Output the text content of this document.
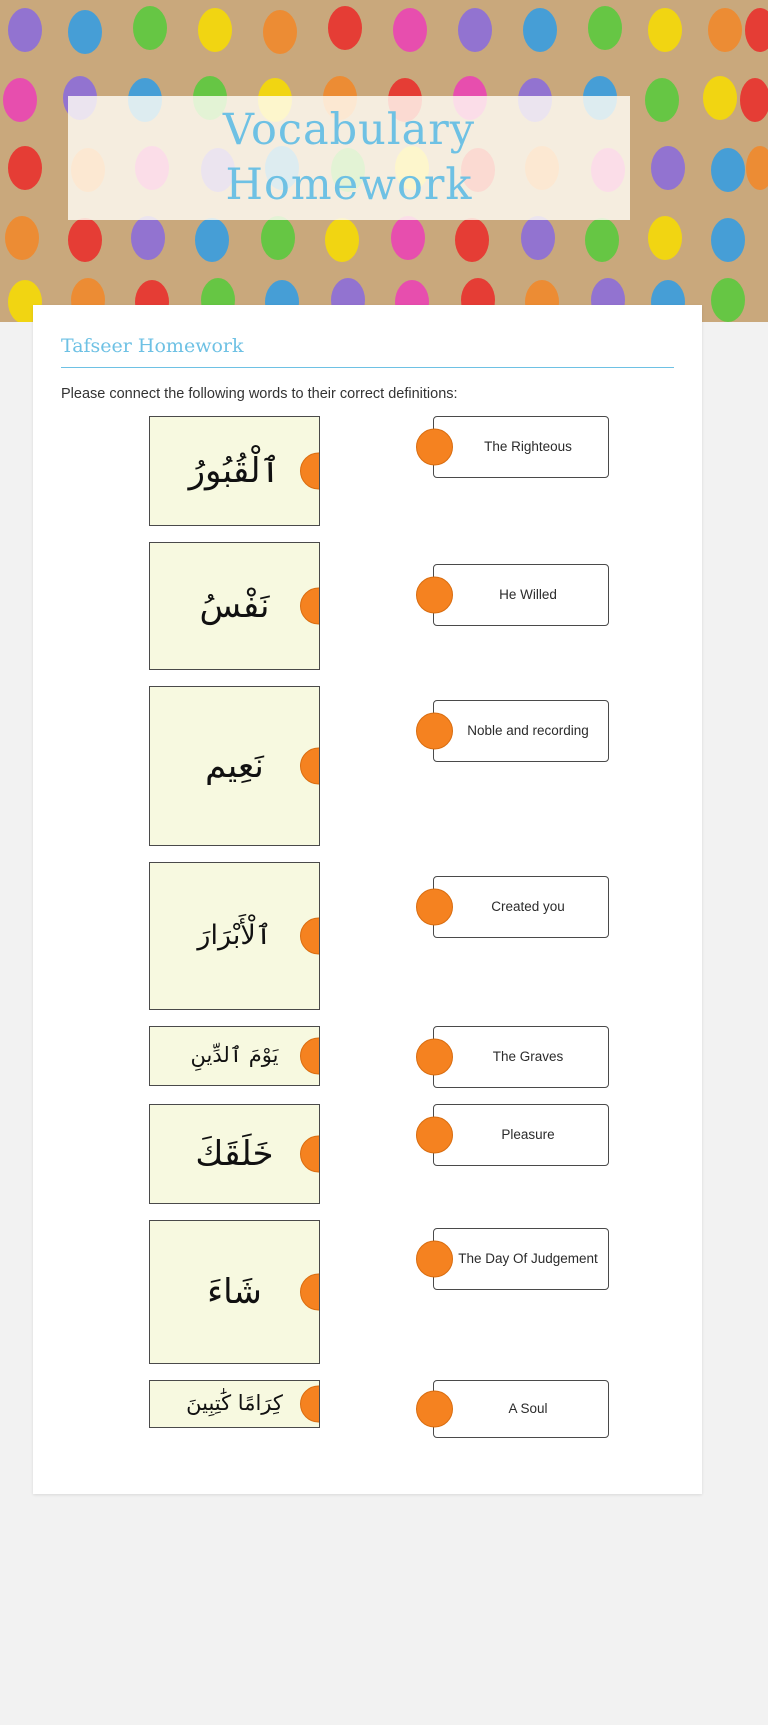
Vocabulary
Homework
Tafseer Homework
Please connect the following words to their correct definitions:
ٱلْقُبُورُ
The Righteous
نَفْسُ	He Willed
نَعِيم
Noble and recording
ٱلْأَبْرَارَ
Created you
يَوْمَ ٱلدِّينِ	The Graves
خَلَقَكَ	Pleasure
شَاءَ
The Day Of Judgement
كِرَامًا كَٰتِبِينَ	A Soul
